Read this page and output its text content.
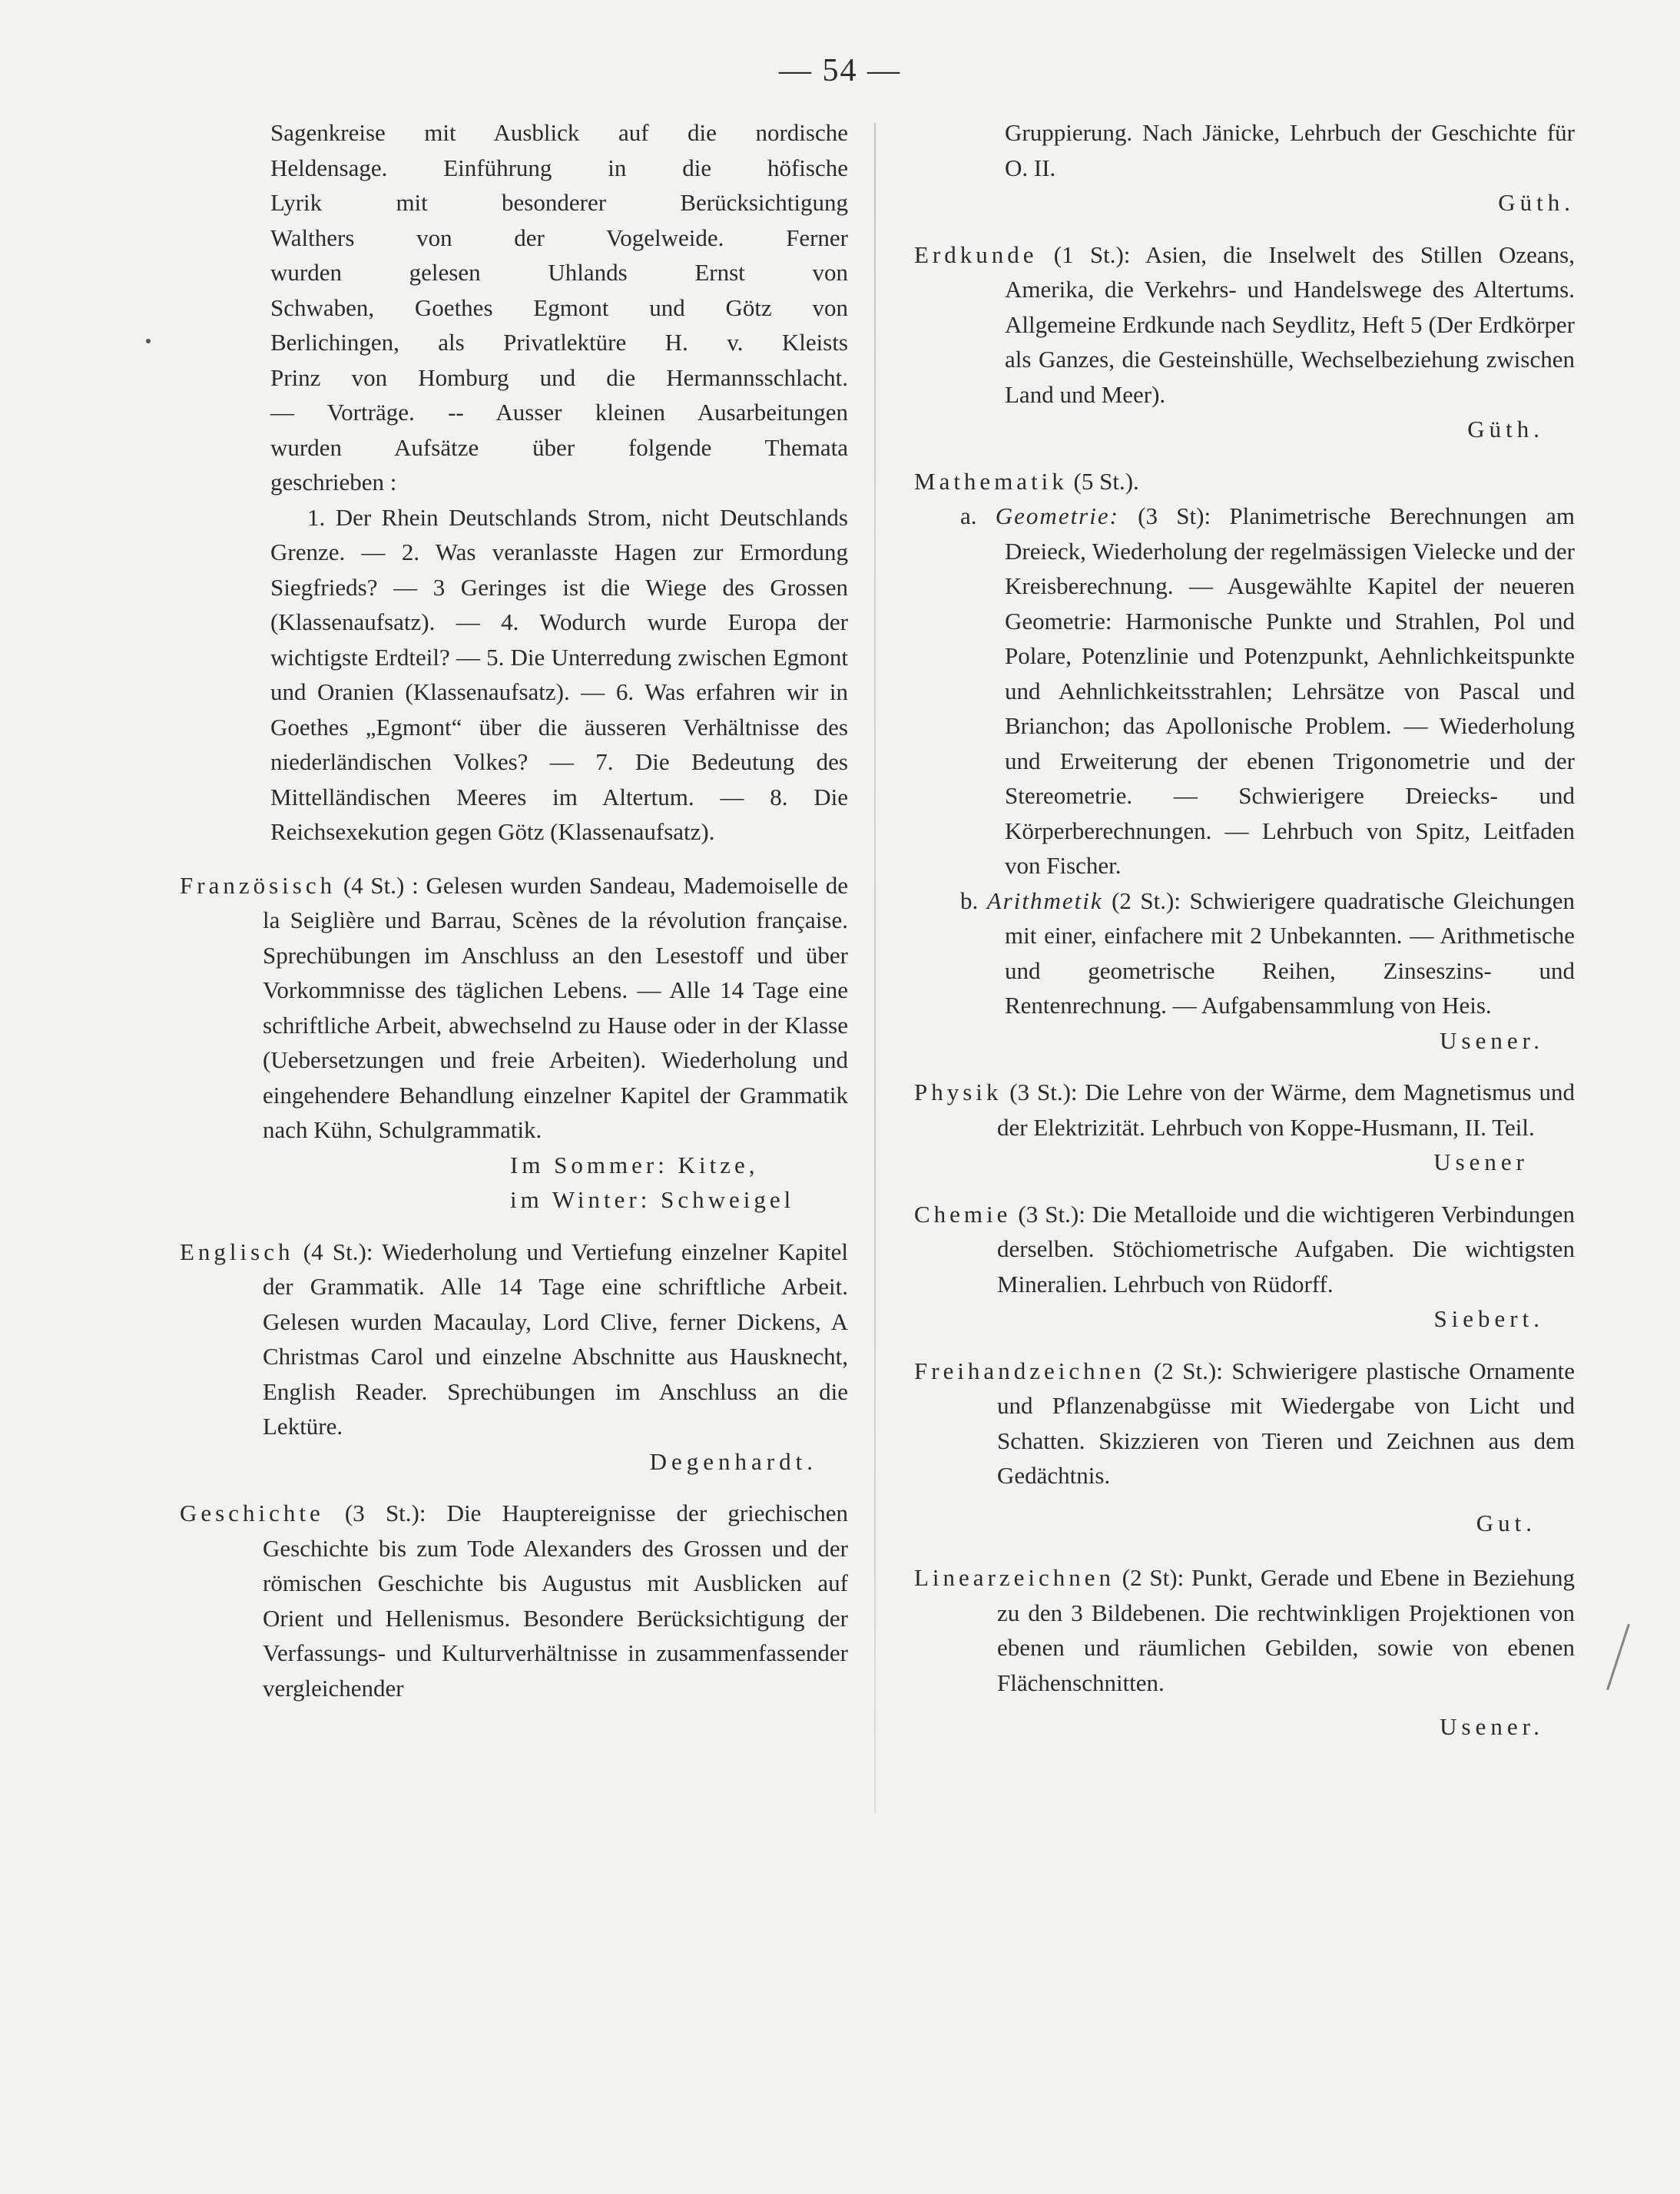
— 54 —
Sagenkreise mit Ausblick auf die nordische
Heldensage. Einführung in die höfische
Lyrik mit besonderer Berücksichtigung
Walthers von der Vogelweide. Ferner
wurden gelesen Uhlands Ernst von
Schwaben, Goethes Egmont und Götz von
Berlichingen, als Privatlektüre H. v. Kleists
Prinz von Homburg und die Hermannsschlacht.
— Vorträge. -- Ausser kleinen Ausarbeitungen
wurden Aufsätze über folgende Themata
geschrieben :
1. Der Rhein Deutschlands Strom, nicht Deutschlands Grenze. — 2. Was veranlasste Hagen zur Ermordung Siegfrieds? — 3 Geringes ist die Wiege des Grossen (Klassenaufsatz). — 4. Wodurch wurde Europa der wichtigste Erdteil? — 5. Die Unterredung zwischen Egmont und Oranien (Klassenaufsatz). — 6. Was erfahren wir in Goethes „Egmont“ über die äusseren Verhältnisse des niederländischen Volkes? — 7. Die Bedeutung des Mittelländischen Meeres im Altertum. — 8. Die Reichsexekution gegen Götz (Klassenaufsatz).
Französisch (4 St.) : Gelesen wurden Sandeau, Mademoiselle de la Seiglière und Barrau, Scènes de la révolution française. Sprechübungen im Anschluss an den Lesestoff und über Vorkommnisse des täglichen Lebens. — Alle 14 Tage eine schriftliche Arbeit, abwechselnd zu Hause oder in der Klasse (Uebersetzungen und freie Arbeiten). Wiederholung und eingehendere Behandlung einzelner Kapitel der Grammatik nach Kühn, Schulgrammatik.
Im Sommer: Kitze,
im Winter: Schweigel
Englisch (4 St.): Wiederholung und Vertiefung einzelner Kapitel der Grammatik. Alle 14 Tage eine schriftliche Arbeit. Gelesen wurden Macaulay, Lord Clive, ferner Dickens, A Christmas Carol und einzelne Abschnitte aus Hausknecht, English Reader. Sprechübungen im Anschluss an die Lektüre.

Degenhardt.

Geschichte (3 St.): Die Hauptereignisse der griechischen Geschichte bis zum Tode Alexanders des Grossen und der römischen Geschichte bis Augustus mit Ausblicken auf Orient und Hellenismus. Besondere Berücksichtigung der Verfassungs- und Kulturverhältnisse in zusammenfassender vergleichender
Gruppierung. Nach Jänicke, Lehrbuch der Geschichte für O. II.

Güth.

Erdkunde (1 St.): Asien, die Inselwelt des Stillen Ozeans, Amerika, die Verkehrs- und Handelswege des Altertums. Allgemeine Erdkunde nach Seydlitz, Heft 5 (Der Erdkörper als Ganzes, die Gesteinshülle, Wechselbeziehung zwischen Land und Meer).

Güth.

Mathematik (5 St.).
a. Geometrie: (3 St): Planimetrische Berechnungen am Dreieck, Wiederholung der regelmässigen Vielecke und der Kreisberechnung. — Ausgewählte Kapitel der neueren Geometrie: Harmonische Punkte und Strahlen, Pol und Polare, Potenzlinie und Potenzpunkt, Aehnlichkeitspunkte und Aehnlichkeitsstrahlen; Lehrsätze von Pascal und Brianchon; das Apollonische Problem. — Wiederholung und Erweiterung der ebenen Trigonometrie und der Stereometrie. — Schwierigere Dreiecks- und Körperberechnungen. — Lehrbuch von Spitz, Leitfaden von Fischer.
b. Arithmetik (2 St.): Schwierigere quadratische Gleichungen mit einer, einfachere mit 2 Unbekannten. — Arithmetische und geometrische Reihen, Zinseszins- und Rentenrechnung. — Aufgabensammlung von Heis.

Usener.

Physik (3 St.): Die Lehre von der Wärme, dem Magnetismus und der Elektrizität. Lehrbuch von Koppe-Husmann, II. Teil.

Usener

Chemie (3 St.): Die Metalloide und die wichtigeren Verbindungen derselben. Stöchiometrische Aufgaben. Die wichtigsten Mineralien. Lehrbuch von Rüdorff.

Siebert.

Freihandzeichnen (2 St.): Schwierigere plastische Ornamente und Pflanzenabgüsse mit Wiedergabe von Licht und Schatten. Skizzieren von Tieren und Zeichnen aus dem Gedächtnis.

Gut.

Linearzeichnen (2 St): Punkt, Gerade und Ebene in Beziehung zu den 3 Bildebenen. Die rechtwinkligen Projektionen von ebenen und räumlichen Gebilden, sowie von ebenen Flächenschnitten.

Usener.
